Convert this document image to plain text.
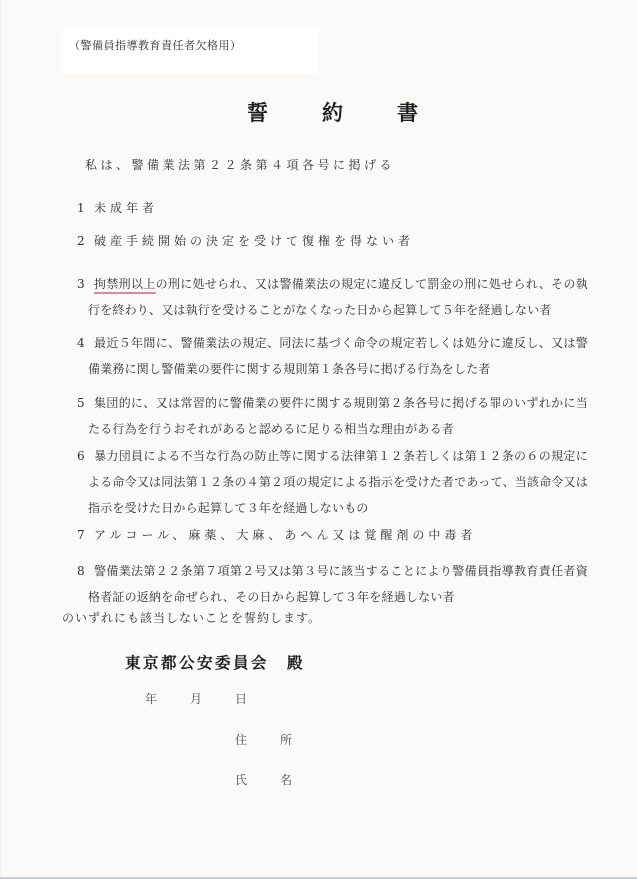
（警備員指導教育責任者欠格用）
誓	約	書
私は、警備業法第２２条第４項各号に掲げる
1 未成年者
2 破産手続開始の決定を受けて復権を得ない者
3 拘禁刑以上の刑に処せられ、又は警備業法の規定に違反して罰金の刑に処せられ、その執行を終わり、又は執行を受けることがなくなった日から起算して５年を経過しない者
4 最近５年間に、警備業法の規定、同法に基づく命令の規定若しくは処分に違反し、又は警備業務に関し警備業の要件に関する規則第１条各号に掲げる行為をした者
5 集団的に、又は常習的に警備業の要件に関する規則第２条各号に掲げる罪のいずれかに当たる行為を行うおそれがあると認めるに足りる相当な理由がある者
6 暴力団員による不当な行為の防止等に関する法律第１２条若しくは第１２条の６の規定による命令又は同法第１２条の４第２項の規定による指示を受けた者であって、当該命令又は指示を受けた日から起算して３年を経過しないもの
7 アルコール、麻薬、大麻、あへん又は覚醒剤の中毒者
8 警備業法第２２条第７項第２号又は第３号に該当することにより警備員指導教育責任者資格者証の返納を命ぜられ、その日から起算して３年を経過しない者
のいずれにも該当しないことを誓約します。
東京都公安委員会　殿
年	月	日
住	所
氏	名
